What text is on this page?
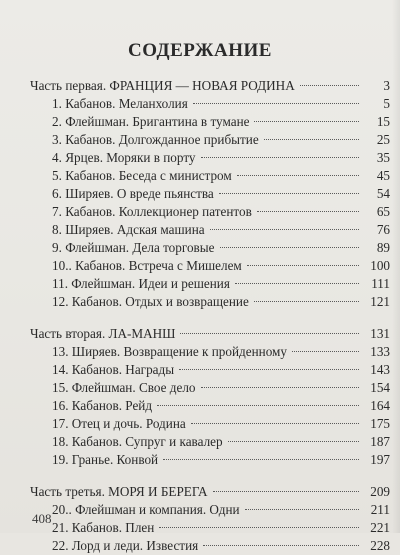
СОДЕРЖАНИЕ
Часть первая. ФРАНЦИЯ — НОВАЯ РОДИНА	3
1. Кабанов. Меланхолия	5
2. Флейшман. Бригантина в тумане	15
3. Кабанов. Долгожданное прибытие	25
4. Ярцев. Моряки в порту	35
5. Кабанов. Беседа с министром	45
6. Ширяев. О вреде пьянства	54
7. Кабанов. Коллекционер патентов	65
8. Ширяев. Адская машина	76
9. Флейшман. Дела торговые	89
10.. Кабанов. Встреча с Мишелем	100
11. Флейшман. Идеи и решения	111
12. Кабанов. Отдых и возвращение	121
Часть вторая. ЛА-МАНШ	131
13. Ширяев. Возвращение к пройденному	133
14. Кабанов. Награды	143
15. Флейшман. Свое дело	154
16. Кабанов. Рейд	164
17. Отец и дочь. Родина	175
18. Кабанов. Супруг и кавалер	187
19. Гранье. Конвой	197
Часть третья. МОРЯ И БЕРЕГА	209
20.. Флейшман и компания. Одни	211
21. Кабанов. Плен	221
22. Лорд и леди. Известия	228
408
